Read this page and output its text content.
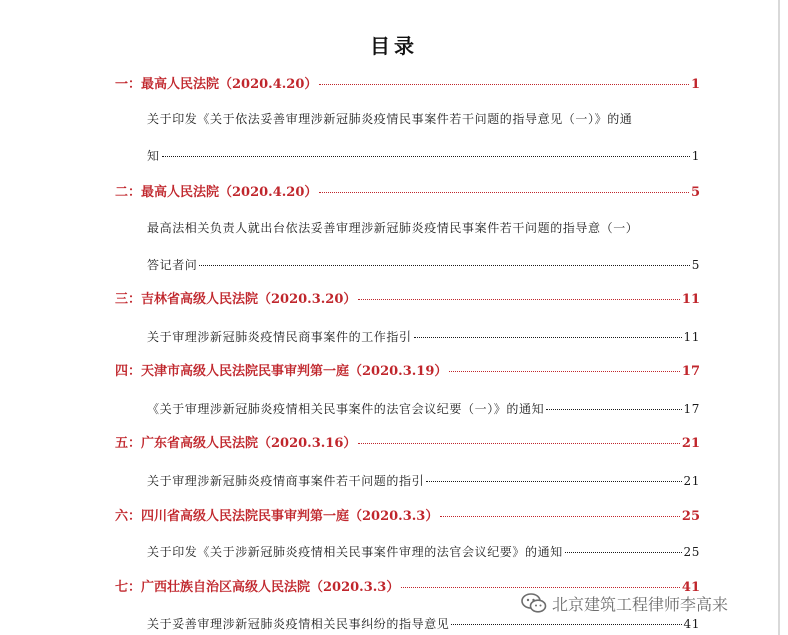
目录
一：最高人民法院（2020.4.20）	1
关于印发《关于依法妥善审理涉新冠肺炎疫情民事案件若干问题的指导意见（一）》的通
知	1
二：最高人民法院（2020.4.20）	5
最高法相关负责人就出台依法妥善审理涉新冠肺炎疫情民事案件若干问题的指导意（一）
答记者问	5
三：吉林省高级人民法院（2020.3.20）	11
关于审理涉新冠肺炎疫情民商事案件的工作指引	11
四：天津市高级人民法院民事审判第一庭（2020.3.19）	17
《关于审理涉新冠肺炎疫情相关民事案件的法官会议纪要（一）》的通知	17
五：广东省高级人民法院（2020.3.16）	21
关于审理涉新冠肺炎疫情商事案件若干问题的指引	21
六：四川省高级人民法院民事审判第一庭（2020.3.3）	25
关于印发《关于涉新冠肺炎疫情相关民事案件审理的法官会议纪要》的通知	25
七：广西壮族自治区高级人民法院（2020.3.3）	41
关于妥善审理涉新冠肺炎疫情相关民事纠纷的指导意见	41
北京建筑工程律师李高来
